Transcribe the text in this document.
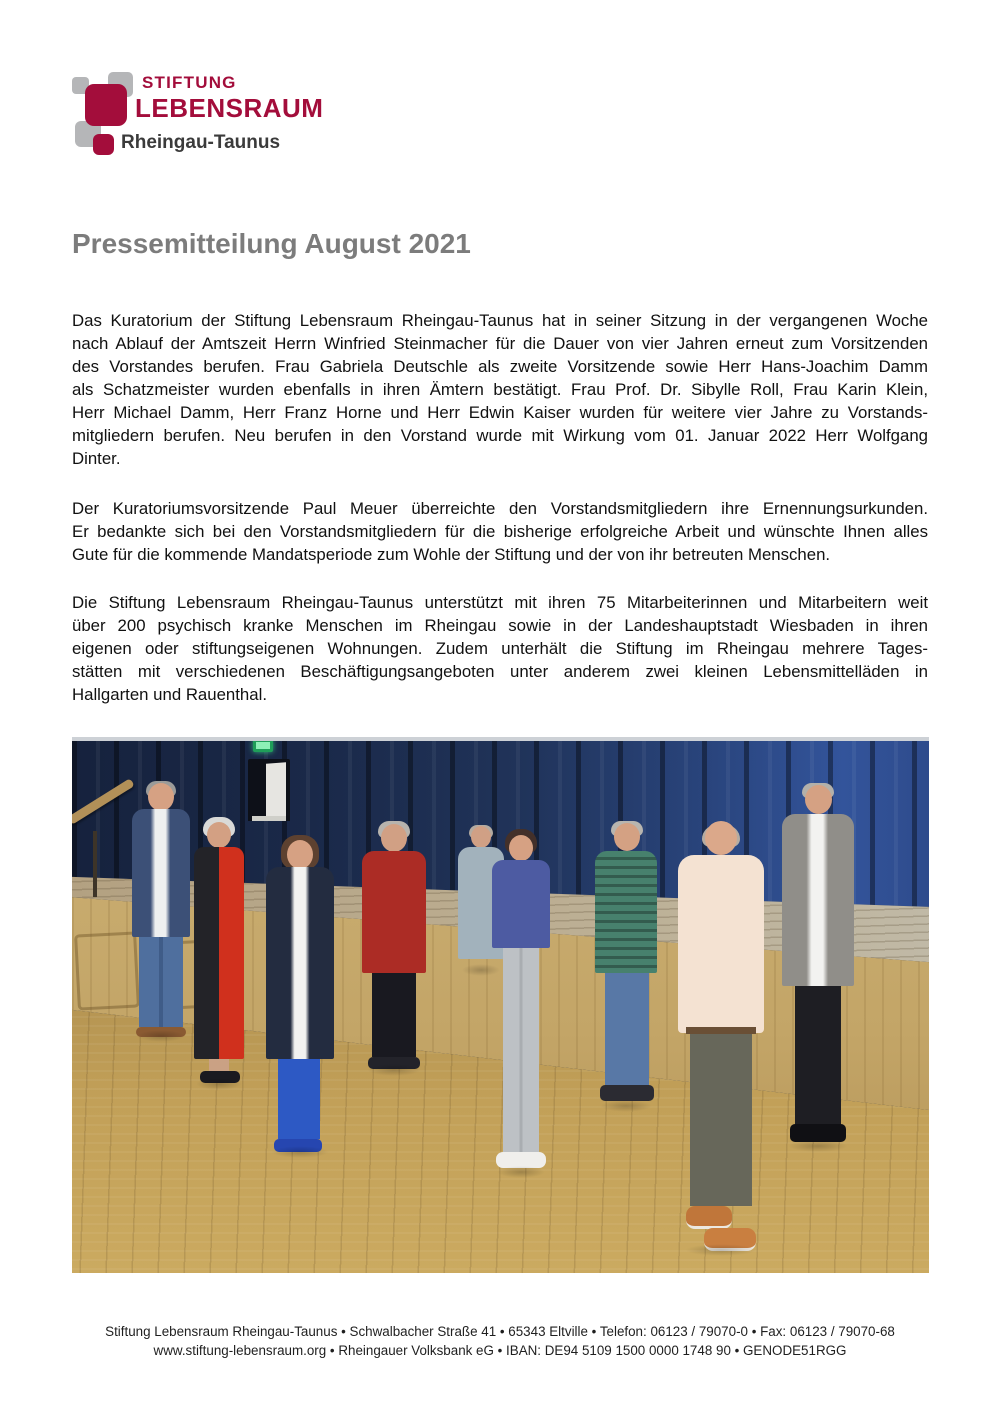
STIFTUNG
LEBENSRAUM
Rheingau-Taunus
Pressemitteilung August 2021
Das Kuratorium der Stiftung Lebensraum Rheingau-Taunus hat in seiner Sitzung in der vergangenen Woche
nach Ablauf der Amtszeit Herrn Winfried Steinmacher für die Dauer von vier Jahren erneut zum Vorsitzenden
des Vorstandes berufen. Frau Gabriela Deutschle als zweite Vorsitzende sowie Herr Hans-Joachim Damm
als Schatzmeister wurden ebenfalls in ihren Ämtern bestätigt. Frau Prof. Dr. Sibylle Roll, Frau Karin Klein,
Herr Michael Damm, Herr Franz Horne und Herr Edwin Kaiser wurden für weitere vier Jahre zu Vorstands-
mitgliedern berufen. Neu berufen in den Vorstand wurde mit Wirkung vom 01. Januar 2022 Herr Wolfgang
Dinter.
Der Kuratoriumsvorsitzende Paul Meuer überreichte den Vorstandsmitgliedern ihre Ernennungsurkunden.
Er bedankte sich bei den Vorstandsmitgliedern für die bisherige erfolgreiche Arbeit und wünschte Ihnen alles
Gute für die kommende Mandatsperiode zum Wohle der Stiftung und der von ihr betreuten Menschen.
Die Stiftung Lebensraum Rheingau-Taunus unterstützt mit ihren 75 Mitarbeiterinnen und Mitarbeitern weit
über 200 psychisch kranke Menschen im Rheingau sowie in der Landeshauptstadt Wiesbaden in ihren
eigenen oder stiftungseigenen Wohnungen. Zudem unterhält die Stiftung im Rheingau mehrere Tages-
stätten mit verschiedenen Beschäftigungsangeboten unter anderem zwei kleinen Lebensmittelläden in
Hallgarten und Rauenthal.
Stiftung Lebensraum Rheingau-Taunus • Schwalbacher Straße 41 • 65343 Eltville • Telefon: 06123 / 79070-0 • Fax: 06123 / 79070-68
www.stiftung-lebensraum.org • Rheingauer Volksbank eG • IBAN: DE94 5109 1500 0000 1748 90 • GENODE51RGG
